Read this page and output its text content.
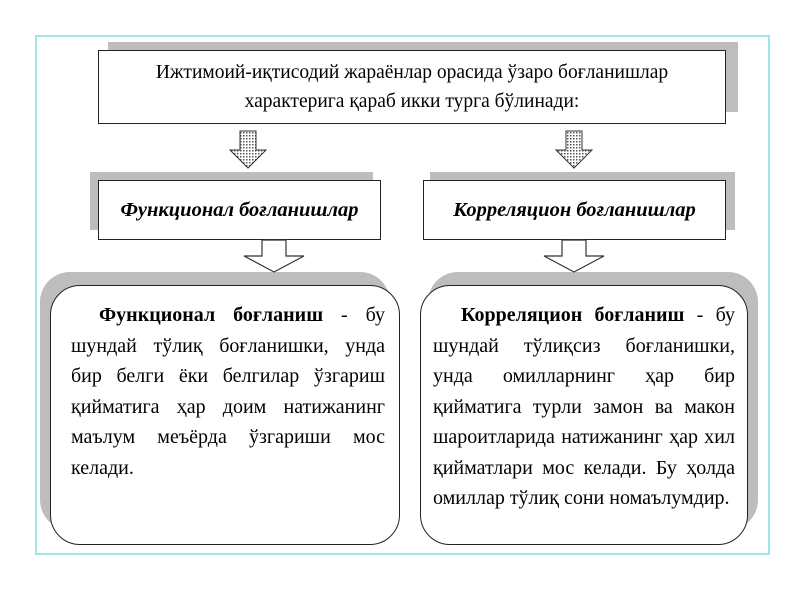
Ижтимоий-иқтисодий жараёнлар орасида ўзаро боғланишлар
характерига қараб икки турга бўлинади:
Функционал боғланишлар	Корреляцион боғланишлар

Функционал боғланиш - бу шундай тўлиқ боғланишки, унда бир белги ёки белгилар ўзгариш қийматига ҳар доим натижанинг маълум меъёрда ўзгариши мос келади.

Корреляцион боғланиш - бу шундай тўлиқсиз боғланишки, унда омилларнинг ҳар бир қийматига турли замон ва макон шароитларида натижанинг ҳар хил қийматлари мос келади. Бу ҳолда омиллар тўлиқ сони номаълумдир.
